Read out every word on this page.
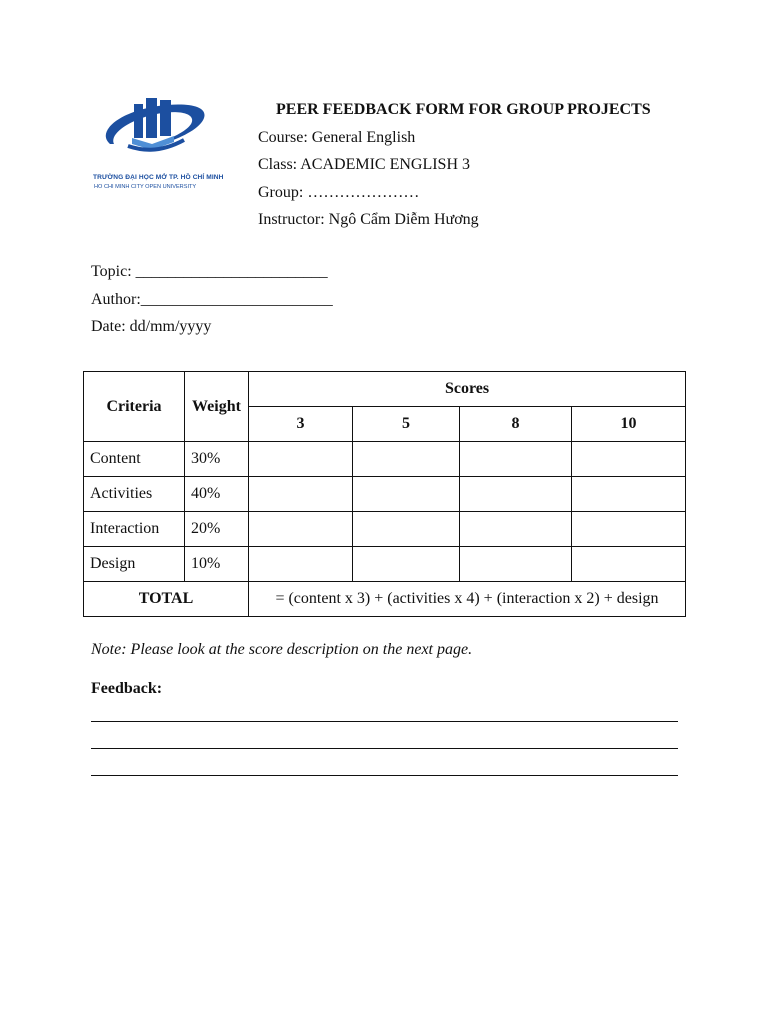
TRƯỜNG ĐẠI HỌC MỞ TP. HỒ CHÍ MINH
HO CHI MINH CITY OPEN UNIVERSITY
PEER FEEDBACK FORM FOR GROUP PROJECTS
Course: General English
Class: ACADEMIC ENGLISH 3
Group: …………………
Instructor: Ngô Cẩm Diễm Hương
Topic: ________________________
Author:________________________
Date: dd/mm/yyyy
Criteria	Weight	Scores			
		3	5	8	10
Content	30%				
Activities	40%				
Interaction	20%				
Design	10%				
TOTAL		= (content x 3) + (activities x 4) + (interaction x 2) + design			
Note: Please look at the score description on the next page.
Feedback:
